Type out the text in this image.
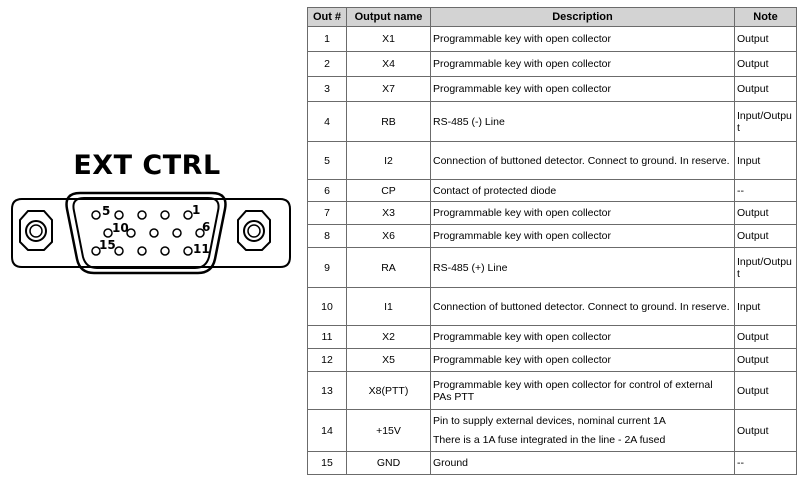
EXT CTRL
5	1
10	6
15	11
Out #	Output name	Description	Note
1	X1	Programmable key with open collector	Output
2	X4	Programmable key with open collector	Output
3	X7	Programmable key with open collector	Output
4	RB	RS-485 (-) Line	Input/Output
5	I2	Connection of buttoned detector. Connect to ground. In reserve.	Input
6	CP	Contact of protected diode	--
7	X3	Programmable key with open collector	Output
8	X6	Programmable key with open collector	Output
9	RA	RS-485 (+) Line	Input/Output
10	I1	Connection of buttoned detector. Connect to ground. In reserve.	Input
11	X2	Programmable key with open collector	Output
12	X5	Programmable key with open collector	Output
13	X8(PTT)	Programmable key with open collector for control of external PAs PTT	Output
14	+15V	Pin to supply external devices, nominal current 1A
There is a 1A fuse integrated in the line - 2A fused	Output
15	GND	Ground	--
